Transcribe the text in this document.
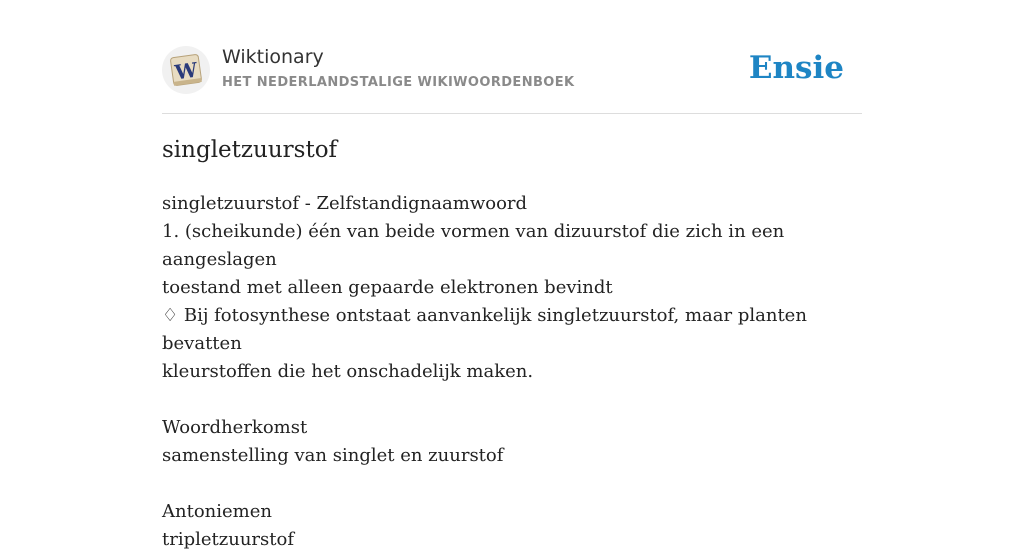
W
Wiktionary
HET NEDERLANDSTALIGE WIKIWOORDENBOEK	Ensie
singletzuurstof

singletzuurstof - Zelfstandignaamwoord

1. (scheikunde) één van beide vormen van dizuurstof die zich in een aangeslagen

toestand met alleen gepaarde elektronen bevindt

♢ Bij fotosynthese ontstaat aanvankelijk singletzuurstof, maar planten bevatten

kleurstoffen die het onschadelijk maken.

Woordherkomst

samenstelling van singlet en zuurstof

Antoniemen

tripletzuurstof
